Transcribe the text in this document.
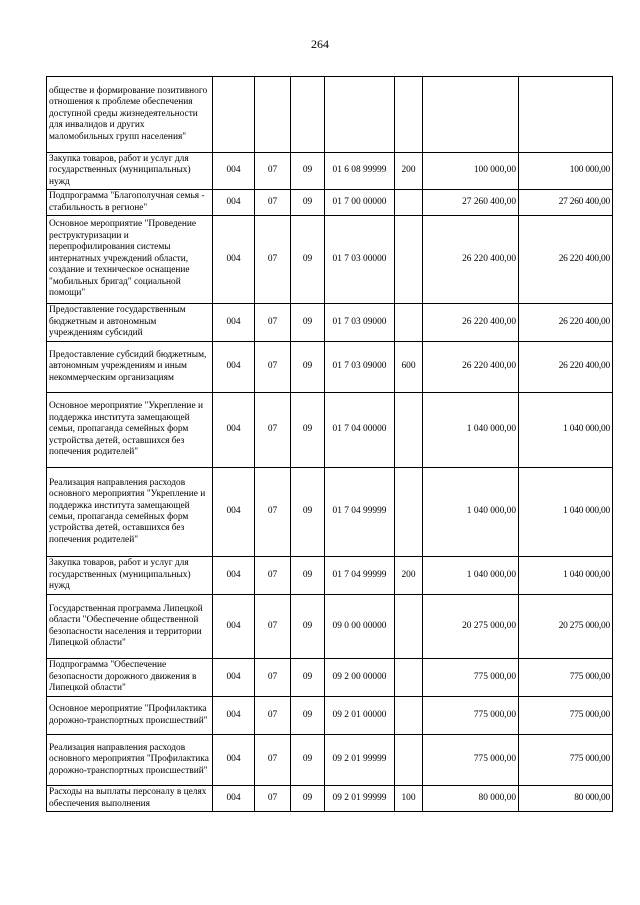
264
обществе и формирование позитивного отношения к проблеме обеспечения доступной среды жизнедеятельности для инвалидов и других маломобильных групп населения"							
Закупка товаров, работ и услуг для государственных (муниципальных) нужд	004	07	09	01 6 08 99999	200	100 000,00	100 000,00
Подпрограмма "Благополучная семья - стабильность в регионе"	004	07	09	01 7 00 00000		27 260 400,00	27 260 400,00
Основное мероприятие "Проведение реструктуризации и перепрофилирования системы интернатных учреждений области, создание и техническое оснащение "мобильных бригад" социальной помощи"	004	07	09	01 7 03 00000		26 220 400,00	26 220 400,00
Предоставление государственным бюджетным и автономным учреждениям субсидий	004	07	09	01 7 03 09000		26 220 400,00	26 220 400,00
Предоставление субсидий бюджетным, автономным учреждениям и иным некоммерческим организациям	004	07	09	01 7 03 09000	600	26 220 400,00	26 220 400,00
Основное мероприятие "Укрепление и поддержка института замещающей семьи, пропаганда семейных форм устройства детей, оставшихся без попечения родителей"	004	07	09	01 7 04 00000		1 040 000,00	1 040 000,00
Реализация направления расходов основного мероприятия "Укрепление и поддержка института замещающей семьи, пропаганда семейных форм устройства детей, оставшихся без попечения родителей"	004	07	09	01 7 04 99999		1 040 000,00	1 040 000,00
Закупка товаров, работ и услуг для государственных (муниципальных) нужд	004	07	09	01 7 04 99999	200	1 040 000,00	1 040 000,00
Государственная программа Липецкой области "Обеспечение общественной безопасности населения и территории Липецкой области"	004	07	09	09 0 00 00000		20 275 000,00	20 275 000,00
Подпрограмма "Обеспечение безопасности дорожного движения в Липецкой области"	004	07	09	09 2 00 00000		775 000,00	775 000,00
Основное мероприятие "Профилактика дорожно-транспортных происшествий"	004	07	09	09 2 01 00000		775 000,00	775 000,00
Реализация направления расходов основного мероприятия "Профилактика дорожно-транспортных происшествий"	004	07	09	09 2 01 99999		775 000,00	775 000,00
Расходы на выплаты персоналу в целях обеспечения выполнения	004	07	09	09 2 01 99999	100	80 000,00	80 000,00
